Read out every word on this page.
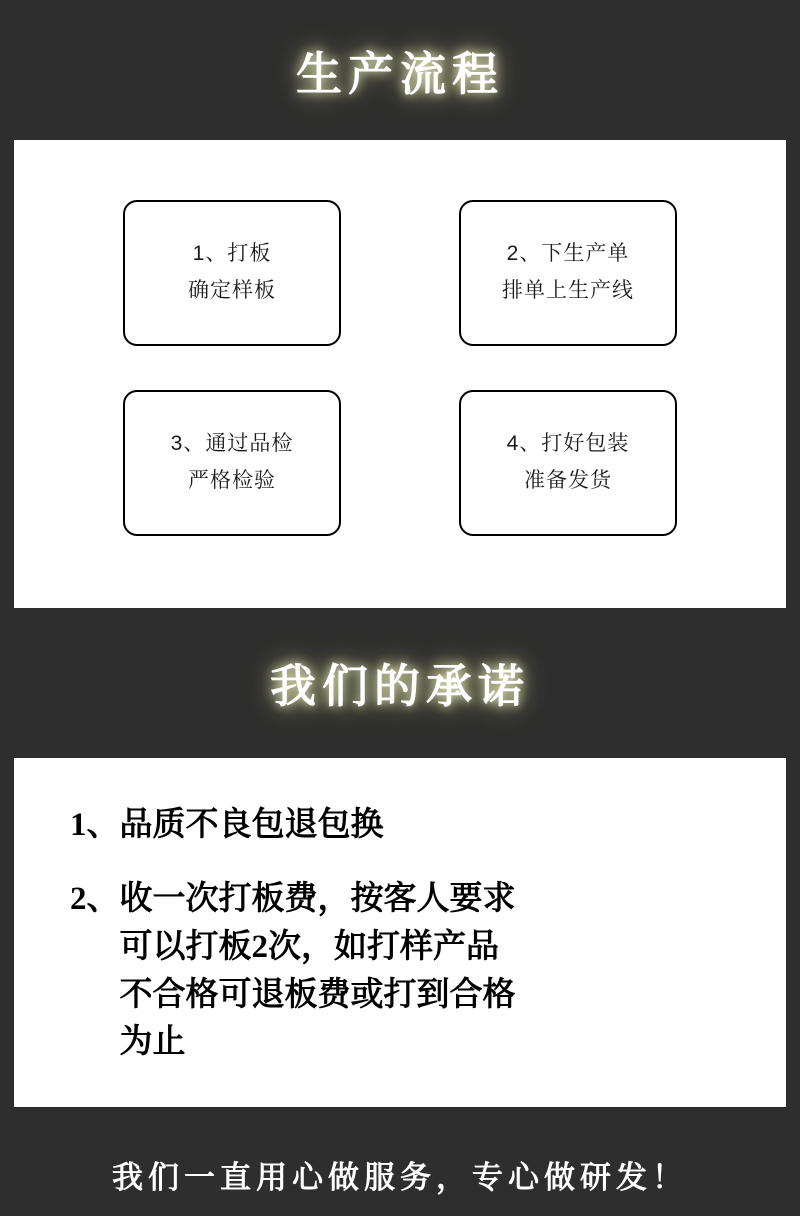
生产流程
1、打板
确定样板
2、下生产单
排单上生产线
3、通过品检
严格检验
4、打好包装
准备发货
我们的承诺
1、 品质不良包退包换
2、 收一次打板费，按客人要求
可以打板2次，如打样产品
不合格可退板费或打到合格
为止
我们一直用心做服务，专心做研发！
